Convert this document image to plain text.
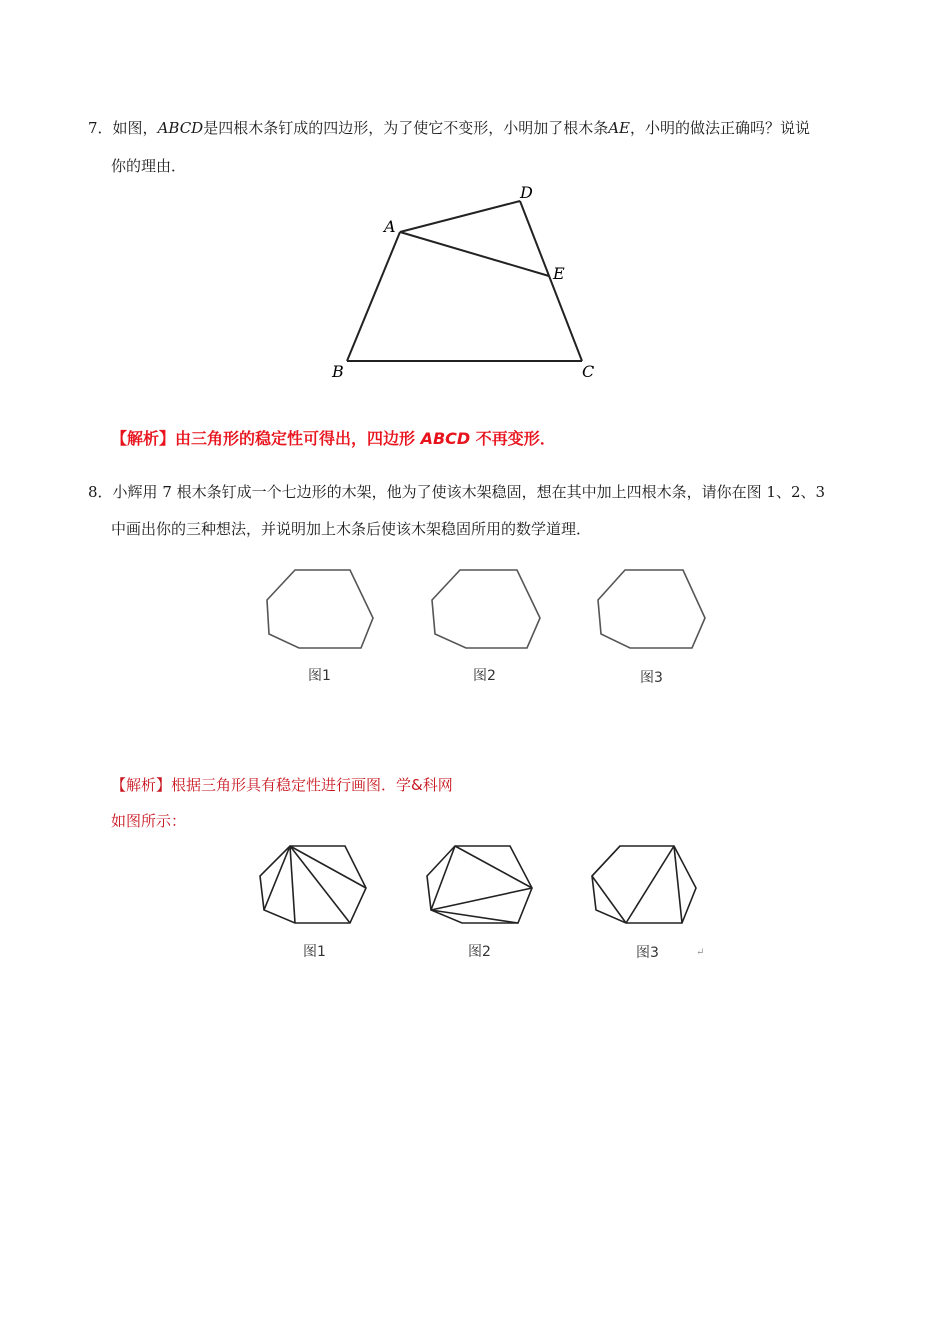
7．如图，ABCD是四根木条钉成的四边形，为了使它不变形，小明加了根木条AE，小明的做法正确吗？说说
你的理由．
A
D
E
B	C
【解析】由三角形的稳定性可得出，四边形 ABCD 不再变形．
8．小辉用 7 根木条钉成一个七边形的木架，他为了使该木架稳固，想在其中加上四根木条，请你在图 1、2、3
中画出你的三种想法，并说明加上木条后使该木架稳固所用的数学道理．
图1	图2	图3
【解析】根据三角形具有稳定性进行画图．学&科网
如图所示：
图1	图2	图3	↵
